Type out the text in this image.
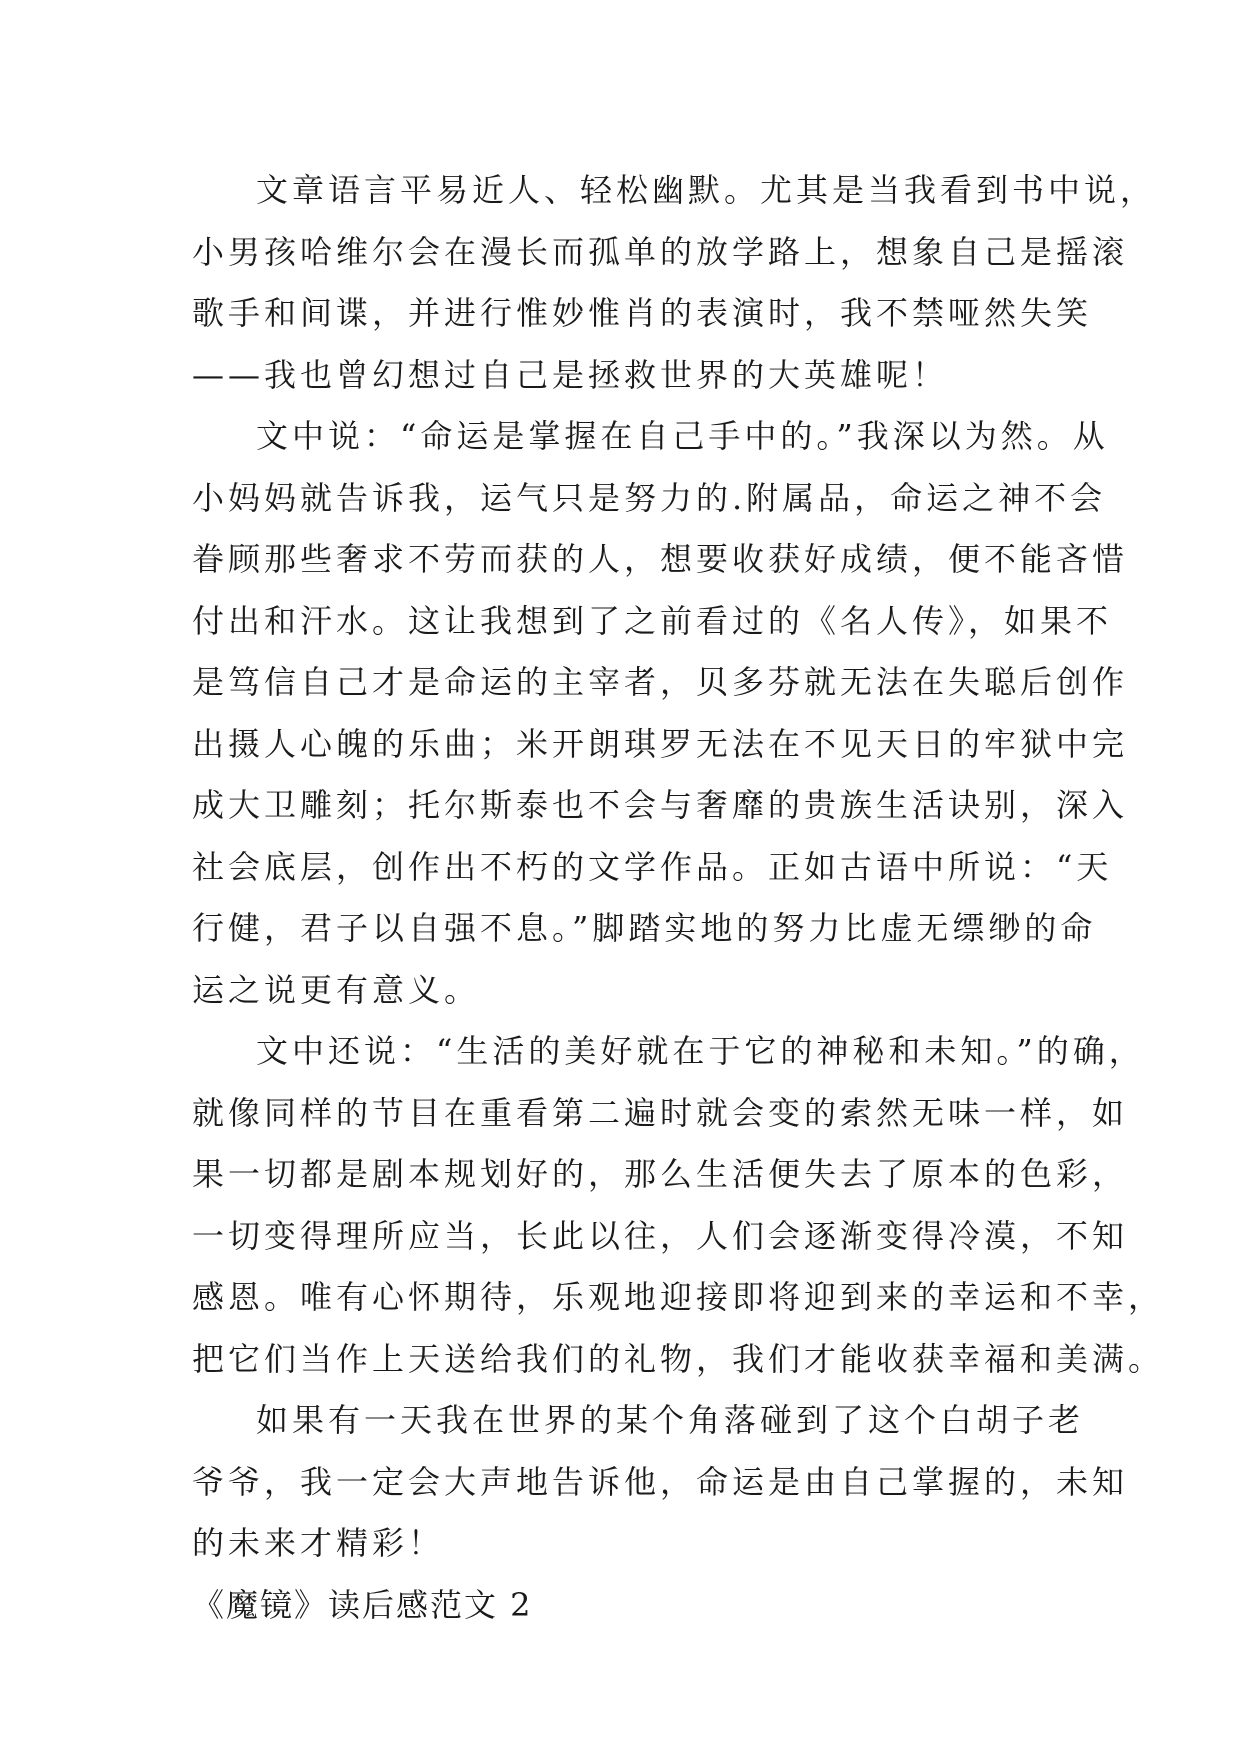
文章语言平易近人、轻松幽默。尤其是当我看到书中说，
小男孩哈维尔会在漫长而孤单的放学路上，想象自己是摇滚
歌手和间谍，并进行惟妙惟肖的表演时，我不禁哑然失笑
——我也曾幻想过自己是拯救世界的大英雄呢！
文中说：“命运是掌握在自己手中的。”我深以为然。从
小妈妈就告诉我，运气只是努力的.附属品，命运之神不会
眷顾那些奢求不劳而获的人，想要收获好成绩，便不能吝惜
付出和汗水。这让我想到了之前看过的《名人传》，如果不
是笃信自己才是命运的主宰者，贝多芬就无法在失聪后创作
出摄人心魄的乐曲；米开朗琪罗无法在不见天日的牢狱中完
成大卫雕刻；托尔斯泰也不会与奢靡的贵族生活诀别，深入
社会底层，创作出不朽的文学作品。正如古语中所说：“天
行健，君子以自强不息。”脚踏实地的努力比虚无缥缈的命
运之说更有意义。
文中还说：“生活的美好就在于它的神秘和未知。”的确，
就像同样的节目在重看第二遍时就会变的索然无味一样，如
果一切都是剧本规划好的，那么生活便失去了原本的色彩，
一切变得理所应当，长此以往，人们会逐渐变得冷漠，不知
感恩。唯有心怀期待，乐观地迎接即将迎到来的幸运和不幸，
把它们当作上天送给我们的礼物，我们才能收获幸福和美满。
如果有一天我在世界的某个角落碰到了这个白胡子老
爷爷，我一定会大声地告诉他，命运是由自己掌握的，未知
的未来才精彩！
《魔镜》读后感范文 2
